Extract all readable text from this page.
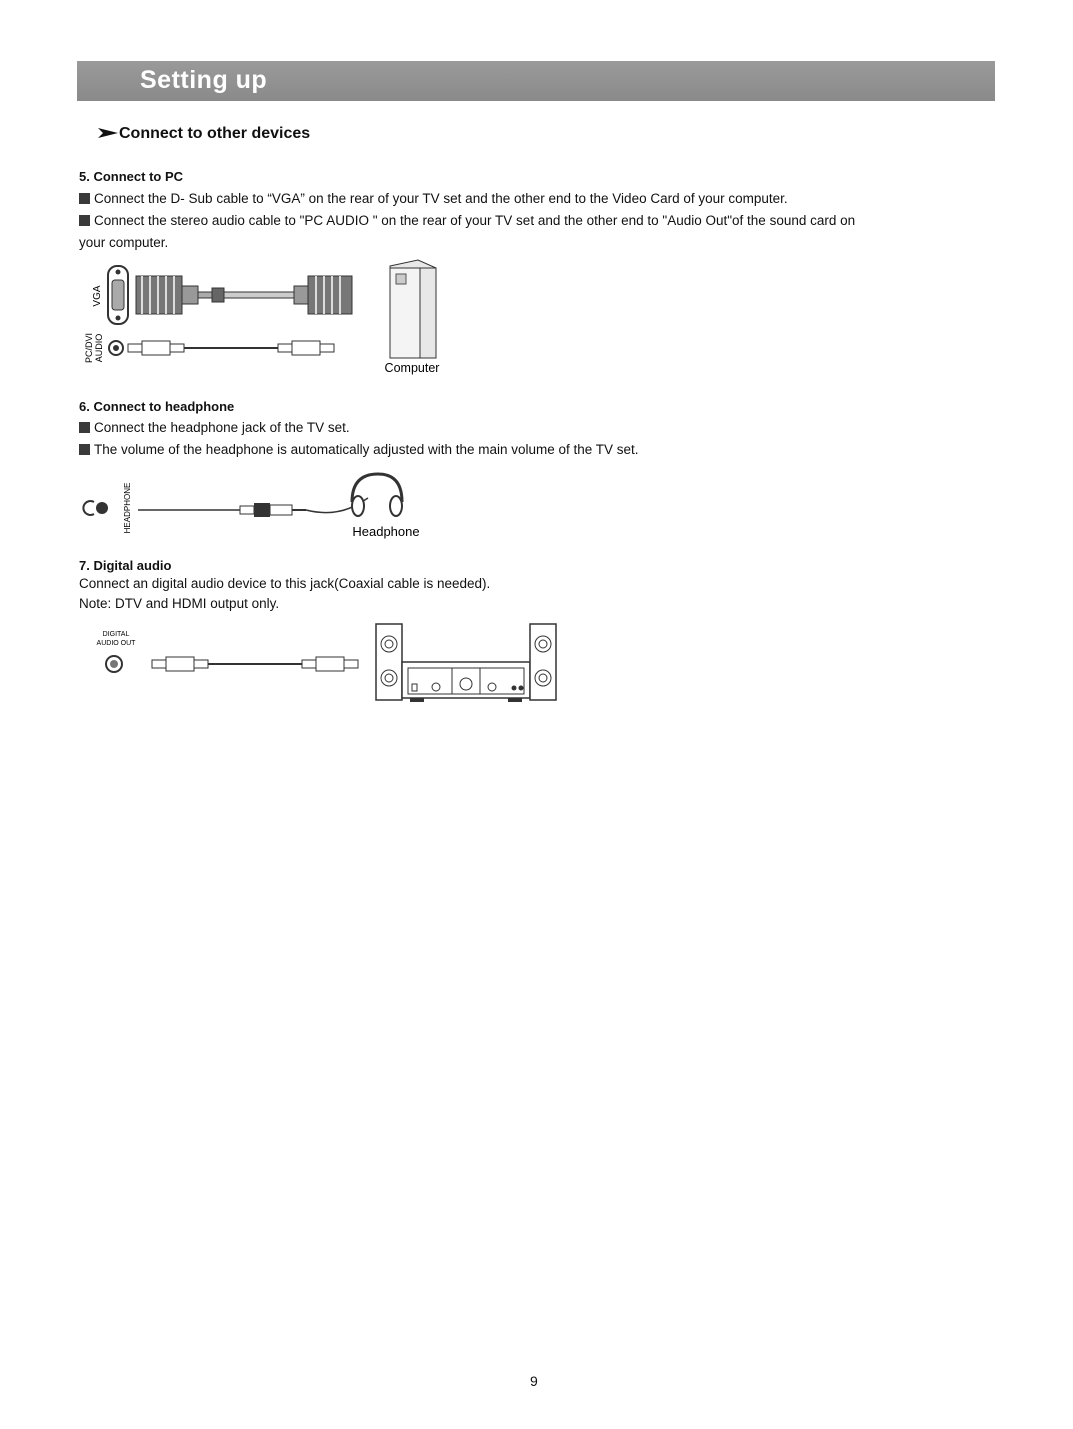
Setting up
Connect to other devices
5. Connect to PC
Connect the D- Sub cable to “VGA” on the rear of your TV set and the other end to the Video Card of your computer.
Connect the stereo audio cable to "PC AUDIO " on the rear of your TV set and the other end to "Audio Out"of the sound card on
your computer.
VGA
PC/DVI AUDIO
Computer
6. Connect to headphone
Connect the headphone jack of the TV set.
The volume of the headphone is automatically adjusted with the main volume of the TV set.
HEADPHONE	Headphone
7. Digital audio
Connect an digital audio device to this jack(Coaxial cable is needed).
Note: DTV and HDMI output only.
DIGITAL
AUDIO OUT
9
